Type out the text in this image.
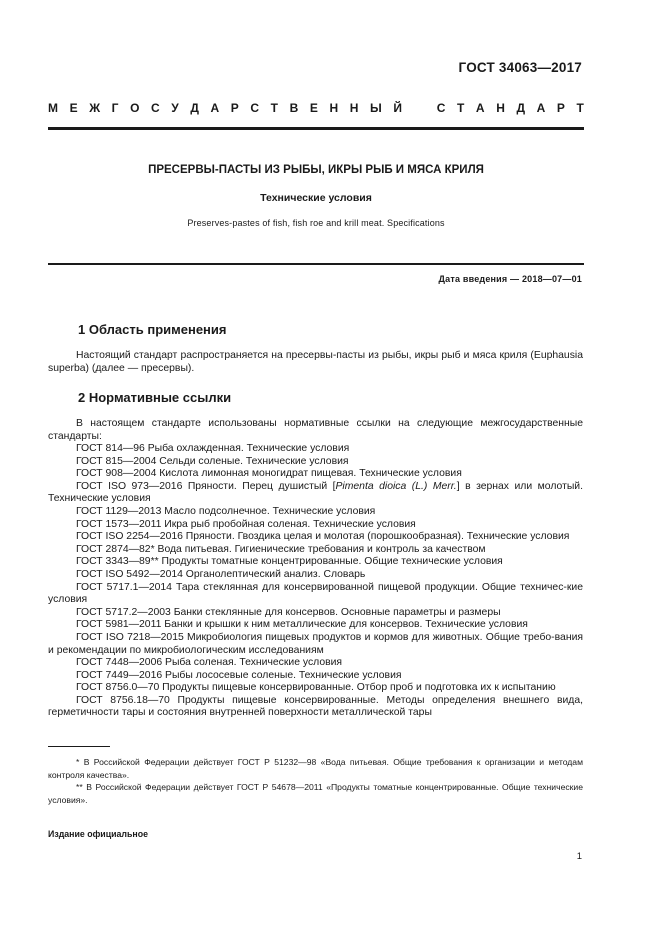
ГОСТ 34063—2017
М Е Ж Г О С У Д А Р С Т В Е Н Н Ы Й	С Т А Н Д А Р Т
ПРЕСЕРВЫ-ПАСТЫ ИЗ РЫБЫ, ИКРЫ РЫБ И МЯСА КРИЛЯ
Технические условия
Preserves-pastes of fish, fish roe and krill meat. Specifications
Дата введения — 2018—07—01
1 Область применения
Настоящий стандарт распространяется на пресервы-пасты из рыбы, икры рыб и мяса криля (Euphausia superba) (далее — пресервы).
2 Нормативные ссылки
В настоящем стандарте использованы нормативные ссылки на следующие межгосударственные стандарты:
ГОСТ 814—96 Рыба охлажденная. Технические условия
ГОСТ 815—2004 Сельди соленые. Технические условия
ГОСТ 908—2004 Кислота лимонная моногидрат пищевая. Технические условия
ГОСТ ISO 973—2016 Пряности. Перец душистый [Pimenta dioica (L.) Merr.] в зернах или молотый. Технические условия
ГОСТ 1129—2013 Масло подсолнечное. Технические условия
ГОСТ 1573—2011 Икра рыб пробойная соленая. Технические условия
ГОСТ ISO 2254—2016 Пряности. Гвоздика целая и молотая (порошкообразная). Технические условия
ГОСТ 2874—82* Вода питьевая. Гигиенические требования и контроль за качеством
ГОСТ 3343—89** Продукты томатные концентрированные. Общие технические условия
ГОСТ ISO 5492—2014 Органолептический анализ. Словарь
ГОСТ 5717.1—2014 Тара стеклянная для консервированной пищевой продукции. Общие техничес-кие условия
ГОСТ 5717.2—2003 Банки стеклянные для консервов. Основные параметры и размеры
ГОСТ 5981—2011 Банки и крышки к ним металлические для консервов. Технические условия
ГОСТ ISO 7218—2015 Микробиология пищевых продуктов и кормов для животных. Общие требо-вания и рекомендации по микробиологическим исследованиям
ГОСТ 7448—2006 Рыба соленая. Технические условия
ГОСТ 7449—2016 Рыбы лососевые соленые. Технические условия
ГОСТ 8756.0—70 Продукты пищевые консервированные. Отбор проб и подготовка их к испытанию
ГОСТ 8756.18—70 Продукты пищевые консервированные. Методы определения внешнего вида, герметичности тары и состояния внутренней поверхности металлической тары
* В Российской Федерации действует ГОСТ Р 51232—98 «Вода питьевая. Общие требования к организации и методам контроля качества».
** В Российской Федерации действует ГОСТ Р 54678—2011 «Продукты томатные концентрированные. Общие технические условия».
Издание официальное
1
